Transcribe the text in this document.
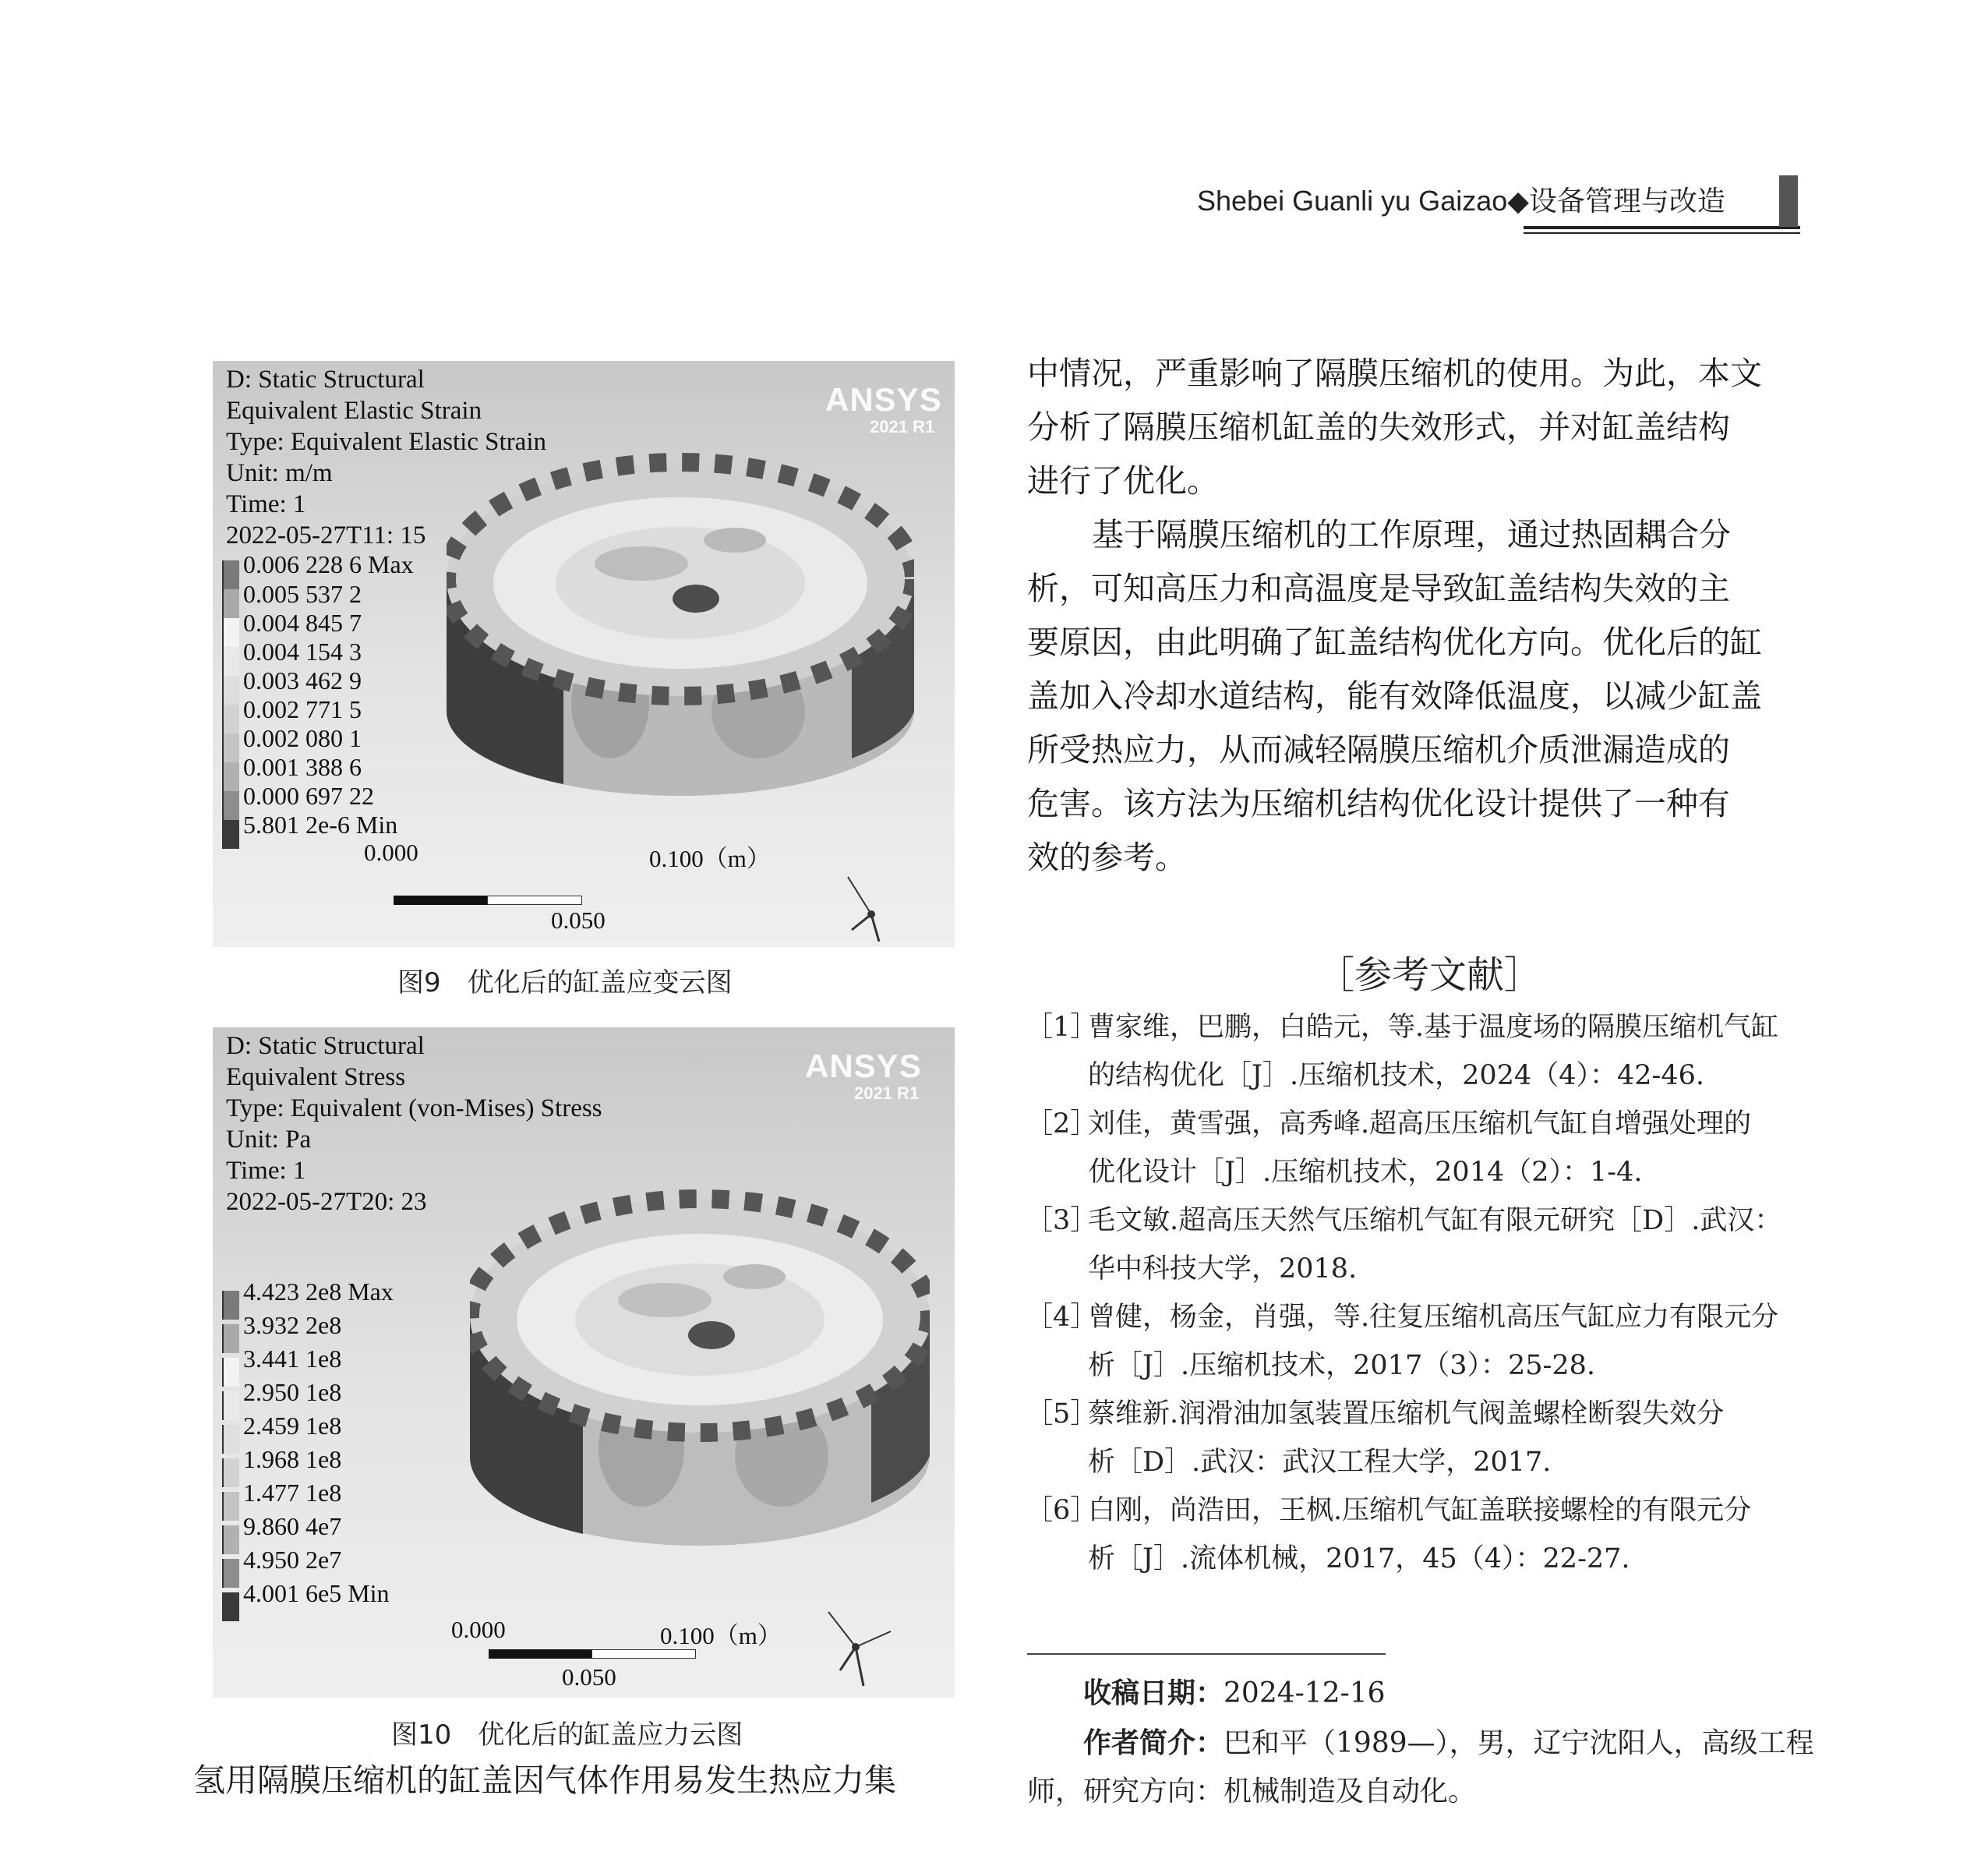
Shebei Guanli yu Gaizao◆设备管理与改造
D: Static Structural
Equivalent Elastic Strain
Type: Equivalent Elastic Strain
Unit: m/m
Time: 1
2022-05-27T11: 15
ANSYS
2021 R1
0.006 228 6 Max
0.005 537 2
0.004 845 7
0.004 154 3
0.003 462 9
0.002 771 5
0.002 080 1
0.001 388 6
0.000 697 22
5.801 2e-6 Min
0.000	0.100（m）
0.050
图9　优化后的缸盖应变云图
D: Static Structural
Equivalent Stress
Type: Equivalent (von-Mises) Stress
Unit: Pa
Time: 1
2022-05-27T20: 23
ANSYS
2021 R1
4.423 2e8 Max
3.932 2e8
3.441 1e8
2.950 1e8
2.459 1e8
1.968 1e8
1.477 1e8
9.860 4e7
4.950 2e7
4.001 6e5 Min
0.000	0.100（m）
0.050
图10　优化后的缸盖应力云图
氢用隔膜压缩机的缸盖因气体作用易发生热应力集
中情况，严重影响了隔膜压缩机的使用。为此，本文
分析了隔膜压缩机缸盖的失效形式，并对缸盖结构
进行了优化。
　基于隔膜压缩机的工作原理，通过热固耦合分
析，可知高压力和高温度是导致缸盖结构失效的主
要原因，由此明确了缸盖结构优化方向。优化后的缸
盖加入冷却水道结构，能有效降低温度，以减少缸盖
所受热应力，从而减轻隔膜压缩机介质泄漏造成的
危害。该方法为压缩机结构优化设计提供了一种有
效的参考。
［参考文献］
［1］
曹家维，巴鹏，白皓元，等.基于温度场的隔膜压缩机气缸
的结构优化［J］.压缩机技术，2024（4）：42-46.
［2］
刘佳，黄雪强，高秀峰.超高压压缩机气缸自增强处理的
优化设计［J］.压缩机技术，2014（2）：1-4.
［3］
毛文敏.超高压天然气压缩机气缸有限元研究［D］.武汉：
华中科技大学，2018.
［4］
曾健，杨金，肖强，等.往复压缩机高压气缸应力有限元分
析［J］.压缩机技术，2017（3）：25-28.
［5］
蔡维新.润滑油加氢装置压缩机气阀盖螺栓断裂失效分
析［D］.武汉：武汉工程大学，2017.
［6］
白刚，尚浩田，王枫.压缩机气缸盖联接螺栓的有限元分
析［J］.流体机械，2017，45（4）：22-27.
收稿日期：2024-12-16
作者简介：巴和平（1989—），男，辽宁沈阳人，高级工程
师，研究方向：机械制造及自动化。
